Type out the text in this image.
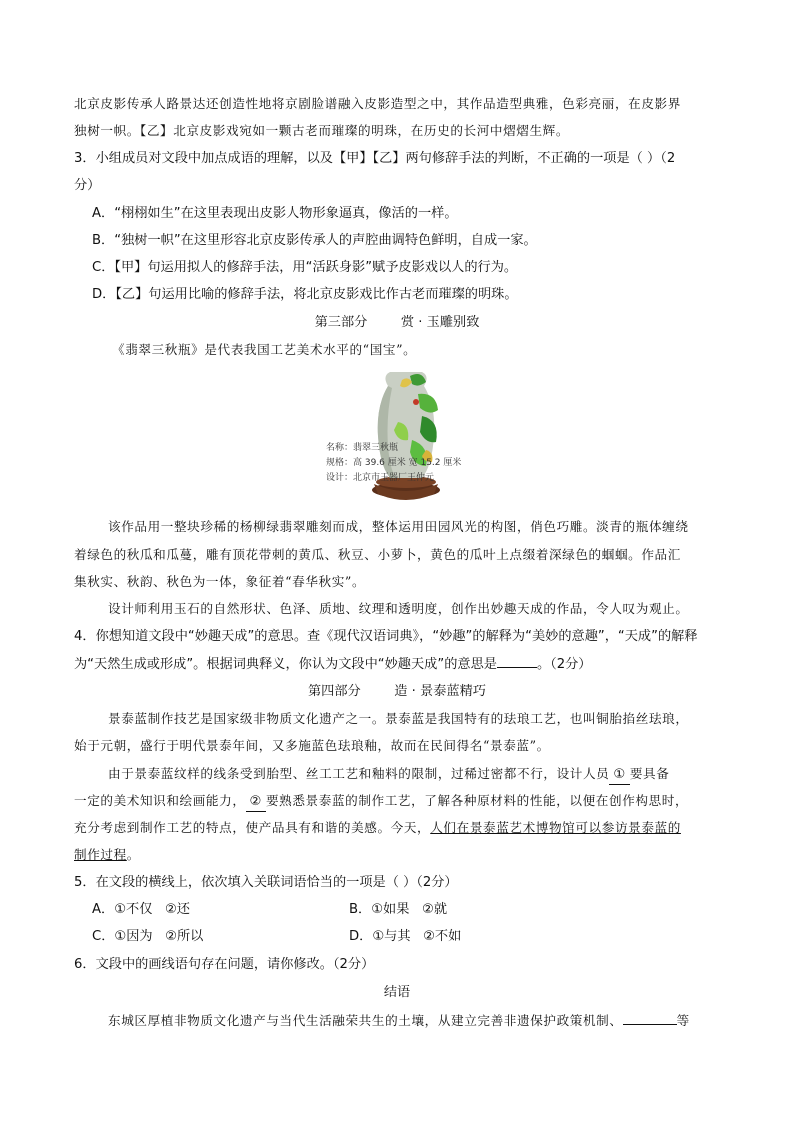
北京皮影传承人路景达还创造性地将京剧脸谱融入皮影造型之中，其作品造型典雅，色彩亮丽，在皮影界
独树一帜。【乙】北京皮影戏宛如一颗古老而璀璨的明珠，在历史的长河中熠熠生辉。
3．小组成员对文段中加点成语的理解，以及【甲】【乙】两句修辞手法的判断，不正确的一项是（ ）（2
分）
A．“栩栩如生”在这里表现出皮影人物形象逼真，像活的一样。
B．“独树一帜”在这里形容北京皮影传承人的声腔曲调特色鲜明，自成一家。
C．【甲】句运用拟人的修辞手法，用“活跃身影”赋予皮影戏以人的行为。
D．【乙】句运用比喻的修辞手法，将北京皮影戏比作古老而璀璨的明珠。
第三部分        赏 · 玉雕别致
《翡翠三秋瓶》是代表我国工艺美术水平的“国宝”。
名称：翡翠三秋瓶
规格：高 39.6 厘米 宽 15.2 厘米
设计：北京市玉器厂王仲元
该作品用一整块珍稀的杨柳绿翡翠雕刻而成，整体运用田园风光的构图，俏色巧雕。淡青的瓶体缠绕
着绿色的秋瓜和瓜蔓，雕有顶花带刺的黄瓜、秋豆、小萝卜，黄色的瓜叶上点缀着深绿色的蝈蝈。作品汇
集秋实、秋韵、秋色为一体，象征着“春华秋实”。
设计师利用玉石的自然形状、色泽、质地、纹理和透明度，创作出妙趣天成的作品，令人叹为观止。
4．你想知道文段中“妙趣天成”的意思。查《现代汉语词典》，“妙趣”的解释为“美妙的意趣”，“天成”的解释
为“天然生成或形成”。根据词典释义，你认为文段中“妙趣天成”的意思是	。（2分）
第四部分        造 · 景泰蓝精巧
景泰蓝制作技艺是国家级非物质文化遗产之一。景泰蓝是我国特有的珐琅工艺，也叫铜胎掐丝珐琅，
始于元朝，盛行于明代景泰年间，又多施蓝色珐琅釉，故而在民间得名“景泰蓝”。
由于景泰蓝纹样的线条受到胎型、丝工工艺和釉料的限制，过稀过密都不行，设计人员 ① 要具备
一定的美术知识和绘画能力， ② 要熟悉景泰蓝的制作工艺，了解各种原材料的性能，以便在创作构思时，
充分考虑到制作工艺的特点，使产品具有和谐的美感。今天，人们在景泰蓝艺术博物馆可以参访景泰蓝的
制作过程。
5．在文段的横线上，依次填入关联词语恰当的一项是（ ）（2分）
A．①不仅   ②还	B．①如果   ②就
C．①因为   ②所以	D．①与其   ②不如
6．文段中的画线语句存在问题，请你修改。（2分）
结语
东城区厚植非物质文化遗产与当代生活融荣共生的土壤，从建立完善非遗保护政策机制、	等
